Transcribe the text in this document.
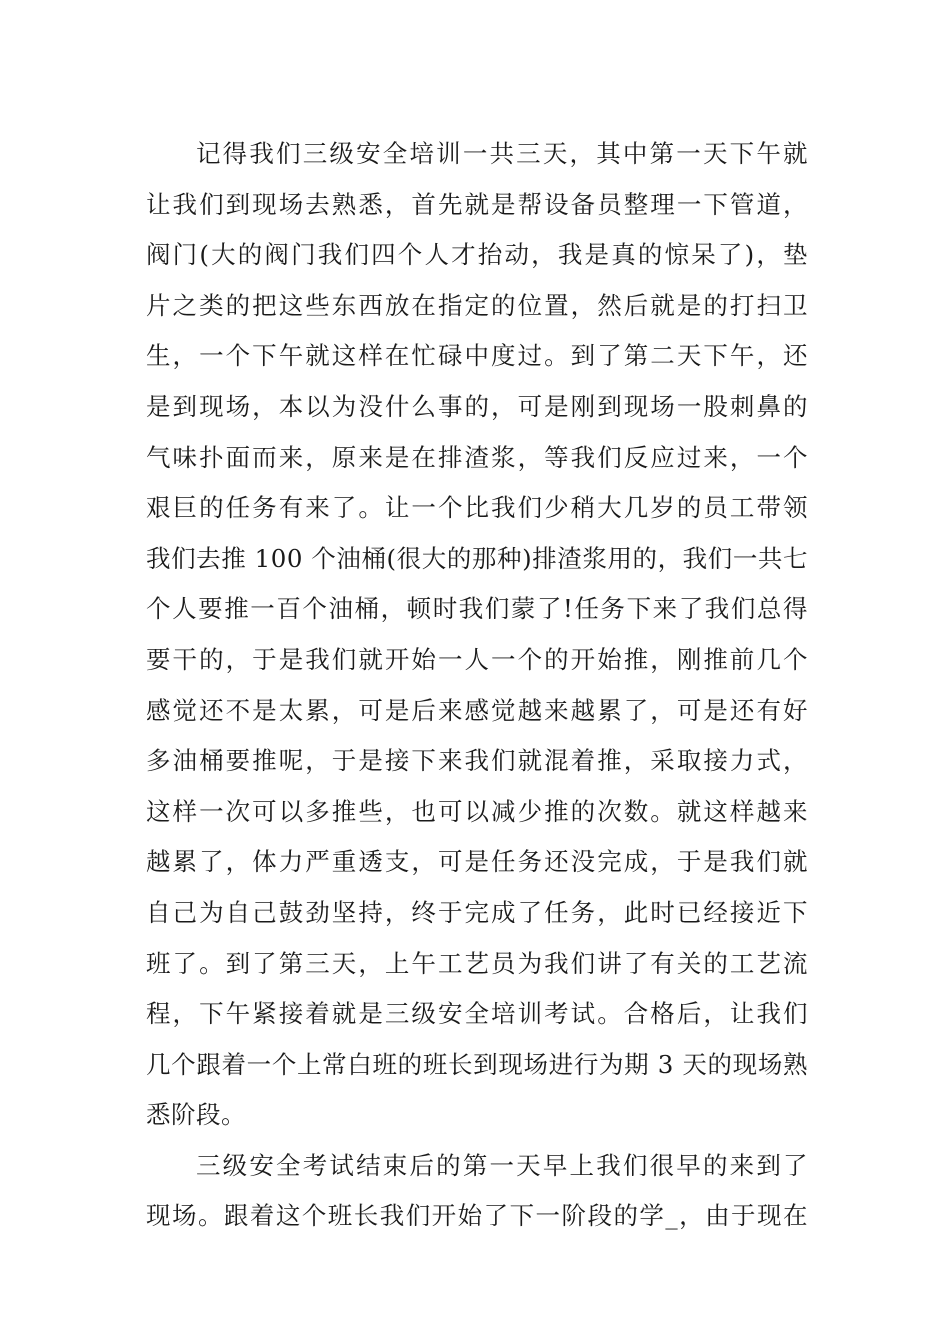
记得我们三级安全培训一共三天，其中第一天下午就
让我们到现场去熟悉，首先就是帮设备员整理一下管道，
阀门(大的阀门我们四个人才抬动，我是真的惊呆了)，垫
片之类的把这些东西放在指定的位置，然后就是的打扫卫
生，一个下午就这样在忙碌中度过。到了第二天下午，还
是到现场，本以为没什么事的，可是刚到现场一股刺鼻的
气味扑面而来，原来是在排渣浆，等我们反应过来，一个
艰巨的任务有来了。让一个比我们少稍大几岁的员工带领
我们去推 100 个油桶(很大的那种)排渣浆用的，我们一共七
个人要推一百个油桶，顿时我们蒙了!任务下来了我们总得
要干的，于是我们就开始一人一个的开始推，刚推前几个
感觉还不是太累，可是后来感觉越来越累了，可是还有好
多油桶要推呢，于是接下来我们就混着推，采取接力式，
这样一次可以多推些，也可以减少推的次数。就这样越来
越累了，体力严重透支，可是任务还没完成，于是我们就
自己为自己鼓劲坚持，终于完成了任务，此时已经接近下
班了。到了第三天，上午工艺员为我们讲了有关的工艺流
程，下午紧接着就是三级安全培训考试。合格后，让我们
几个跟着一个上常白班的班长到现场进行为期 3 天的现场熟
悉阶段。
三级安全考试结束后的第一天早上我们很早的来到了
现场。跟着这个班长我们开始了下一阶段的学_，由于现在
